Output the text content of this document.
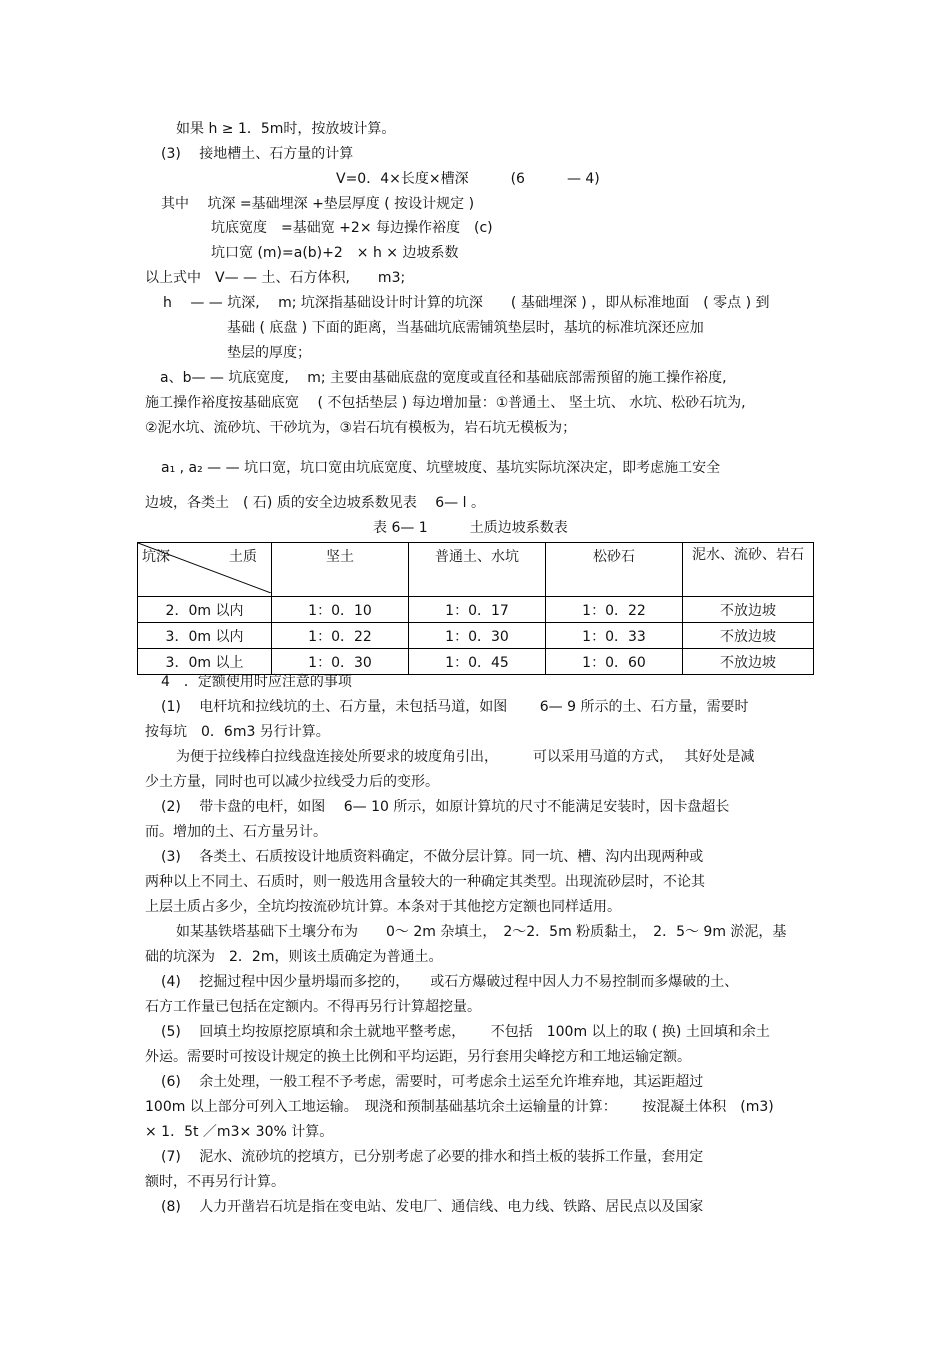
如果 h ≥ 1．5m时，按放坡计算。
(3)　 接地槽土、石方量的计算
V=0．4×长度×槽深　　　(6　　　— 4)
其中　 坑深 =基础埋深 +垫层厚度 ( 按设计规定 )
坑底宽度　=基础宽 +2× 每边操作裕度　(c)
坑口宽 (m)=a(b)+2　× h × 边坡系数
以上式中　V— — 土、石方体积,　　m3;
h　 — — 坑深,　 m; 坑深指基础设计时计算的坑深　　( 基础埋深 ) ，即从标准地面　( 零点 ) 到
基础 ( 底盘 ) 下面的距离，当基础坑底需铺筑垫层时，基坑的标准坑深还应加
垫层的厚度；
a、b— — 坑底宽度,　 m; 主要由基础底盘的宽度或直径和基础底部需预留的施工操作裕度,
施工操作裕度按基础底宽　 ( 不包括垫层 ) 每边增加量：①普通土、 坚土坑、 水坑、松砂石坑为,
②泥水坑、流砂坑、干砂坑为，③岩石坑有模板为，岩石坑无模板为；
a₁ , a₂ — — 坑口宽，坑口宽由坑底宽度、坑壁坡度、基坑实际坑深决定，即考虑施工安全
边坡，各类土　( 石) 质的安全边坡系数见表　 6— l 。
表 6— 1　　　土质边坡系数表
坑深 土质	坚土	普通土、水坑	松砂石	泥水、流砂、岩石
2．0m 以内	1：0．10	1：0．17	1：0．22	不放边坡
3．0m 以内	1：0．22	1：0．30	1：0．33	不放边坡
3．0m 以上	1：0．30	1：0．45	1：0．60	不放边坡
4　．定额使用时应注意的事项
(1)　 电杆坑和拉线坑的土、石方量，未包括马道，如图　　 6— 9 所示的土、石方量，需要时
按每坑　0．6m3 另行计算。
为便于拉线棒白拉线盘连接处所要求的坡度角引出，　　　可以采用马道的方式，　 其好处是减
少土方量，同时也可以减少拉线受力后的变形。
(2)　 带卡盘的电杆，如图　 6— 10 所示，如原计算坑的尺寸不能满足安装时，因卡盘超长
而。增加的土、石方量另计。
(3)　 各类土、石质按设计地质资料确定，不做分层计算。同一坑、槽、沟内出现两种或
两种以上不同土、石质时，则一般选用含量较大的一种确定其类型。出现流砂层时，不论其
上层土质占多少，全坑均按流砂坑计算。本条对于其他挖方定额也同样适用。
如某基铁塔基础下土壤分布为　　0～ 2m 杂填土，　2～2．5m 粉质黏土，　2．5～ 9m 淤泥，基
础的坑深为　2．2m，则该土质确定为普通土。
(4)　 挖掘过程中因少量坍塌而多挖的，　　或石方爆破过程中因人力不易控制而多爆破的土、
石方工作量已包括在定额内。不得再另行计算超挖量。
(5)　 回填土均按原挖原填和余土就地平整考虑，　　 不包括　100m 以上的取 ( 换) 土回填和余土
外运。需要时可按设计规定的换土比例和平均运距，另行套用尖峰挖方和工地运输定额。
(6)　 余土处理，一般工程不予考虑，需要时，可考虑余土运至允许堆弃地，其运距超过
100m 以上部分可列入工地运输。　现浇和预制基础基坑余土运输量的计算：　　 按混凝土体积　(m3)
× 1．5t ／m3× 30% 计算。
(7)　 泥水、流砂坑的挖填方，已分别考虑了必要的排水和挡土板的装拆工作量，套用定
额时，不再另行计算。
(8)　 人力开凿岩石坑是指在变电站、发电厂、通信线、电力线、铁路、居民点以及国家
